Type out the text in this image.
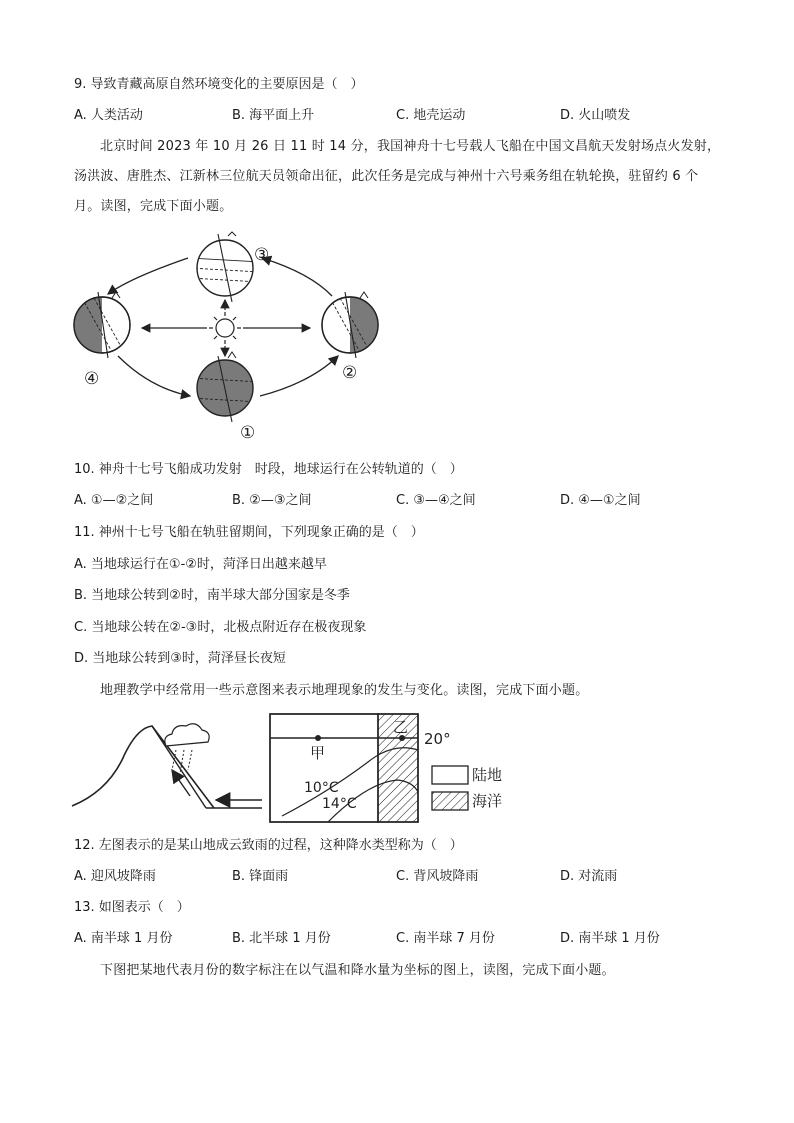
9. 导致青藏高原自然环境变化的主要原因是（　）
A. 人类活动	B. 海平面上升	C. 地壳运动	D. 火山喷发
北京时间 2023 年 10 月 26 日 11 时 14 分，我国神舟十七号载人飞船在中国文昌航天发射场点火发射，汤洪波、唐胜杰、江新林三位航天员领命出征，此次任务是完成与神州十六号乘务组在轨轮换，驻留约 6 个月。读图，完成下面小题。
③
②
①
④
10. 神舟十七号飞船成功发射　时段，地球运行在公转轨道的（　）
A. ①—②之间	B. ②—③之间	C. ③—④之间	D. ④—①之间
11. 神州十七号飞船在轨驻留期间，下列现象正确的是（　）
A. 当地球运行在①-②时，菏泽日出越来越早
B. 当地球公转到②时，南半球大部分国家是冬季
C. 当地球公转在②-③时，北极点附近存在极夜现象
D. 当地球公转到③时，菏泽昼长夜短
地理教学中经常用一些示意图来表示地理现象的发生与变化。读图，完成下面小题。
甲
乙
20°
10°C
14°C
陆地
海洋
12. 左图表示的是某山地成云致雨的过程，这种降水类型称为（　）
A. 迎风坡降雨	B. 锋面雨	C. 背风坡降雨	D. 对流雨
13. 如图表示（　）
A. 南半球 1 月份	B. 北半球 1 月份	C. 南半球 7 月份	D. 南半球 1 月份
下图把某地代表月份的数字标注在以气温和降水量为坐标的图上，读图，完成下面小题。
